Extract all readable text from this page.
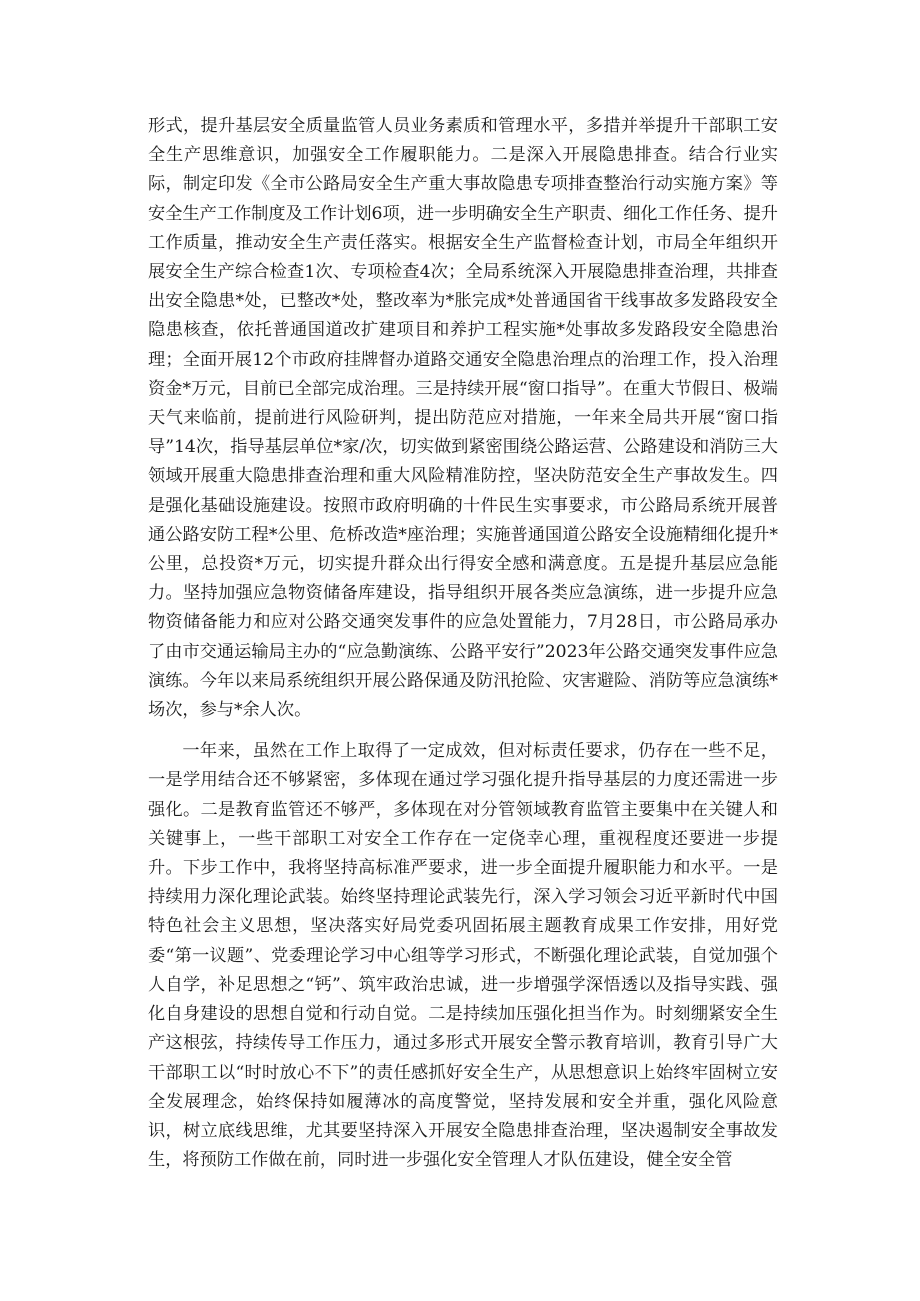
形式，提升基层安全质量监管人员业务素质和管理水平，多措并举提升干部职工安全生产思维意识，加强安全工作履职能力。二是深入开展隐患排查。结合行业实际，制定印发《全市公路局安全生产重大事故隐患专项排查整治行动实施方案》等安全生产工作制度及工作计划6项，进一步明确安全生产职责、细化工作任务、提升工作质量，推动安全生产责任落实。根据安全生产监督检查计划，市局全年组织开展安全生产综合检查1次、专项检查4次；全局系统深入开展隐患排查治理，共排查出安全隐患*处，已整改*处，整改率为*胀完成*处普通国省干线事故多发路段安全隐患核查，依托普通国道改扩建项目和养护工程实施*处事故多发路段安全隐患治理；全面开展12个市政府挂牌督办道路交通安全隐患治理点的治理工作，投入治理资金*万元，目前已全部完成治理。三是持续开展“窗口指导”。在重大节假日、极端天气来临前，提前进行风险研判，提出防范应对措施，一年来全局共开展“窗口指导”14次，指导基层单位*家/次，切实做到紧密围绕公路运营、公路建设和消防三大领域开展重大隐患排查治理和重大风险精准防控，坚决防范安全生产事故发生。四是强化基础设施建设。按照市政府明确的十件民生实事要求，市公路局系统开展普通公路安防工程*公里、危桥改造*座治理；实施普通国道公路安全设施精细化提升*公里，总投资*万元，切实提升群众出行得安全感和满意度。五是提升基层应急能力。坚持加强应急物资储备库建设，指导组织开展各类应急演练，进一步提升应急物资储备能力和应对公路交通突发事件的应急处置能力，7月28日，市公路局承办了由市交通运输局主办的“应急勤演练、公路平安行”2023年公路交通突发事件应急演练。今年以来局系统组织开展公路保通及防汛抢险、灾害避险、消防等应急演练*场次，参与*余人次。

一年来，虽然在工作上取得了一定成效，但对标责任要求，仍存在一些不足，一是学用结合还不够紧密，多体现在通过学习强化提升指导基层的力度还需进一步强化。二是教育监管还不够严，多体现在对分管领域教育监管主要集中在关键人和关键事上，一些干部职工对安全工作存在一定侥幸心理，重视程度还要进一步提升。下步工作中，我将坚持高标准严要求，进一步全面提升履职能力和水平。一是持续用力深化理论武装。始终坚持理论武装先行，深入学习领会习近平新时代中国特色社会主义思想，坚决落实好局党委巩固拓展主题教育成果工作安排，用好党委“第一议题”、党委理论学习中心组等学习形式，不断强化理论武装，自觉加强个人自学，补足思想之“钙”、筑牢政治忠诚，进一步增强学深悟透以及指导实践、强化自身建设的思想自觉和行动自觉。二是持续加压强化担当作为。时刻绷紧安全生产这根弦，持续传导工作压力，通过多形式开展安全警示教育培训，教育引导广大干部职工以“时时放心不下”的责任感抓好安全生产，从思想意识上始终牢固树立安全发展理念，始终保持如履薄冰的高度警觉，坚持发展和安全并重，强化风险意识，树立底线思维，尤其要坚持深入开展安全隐患排查治理，坚决遏制安全事故发生，将预防工作做在前，同时进一步强化安全管理人才队伍建设，健全安全管
